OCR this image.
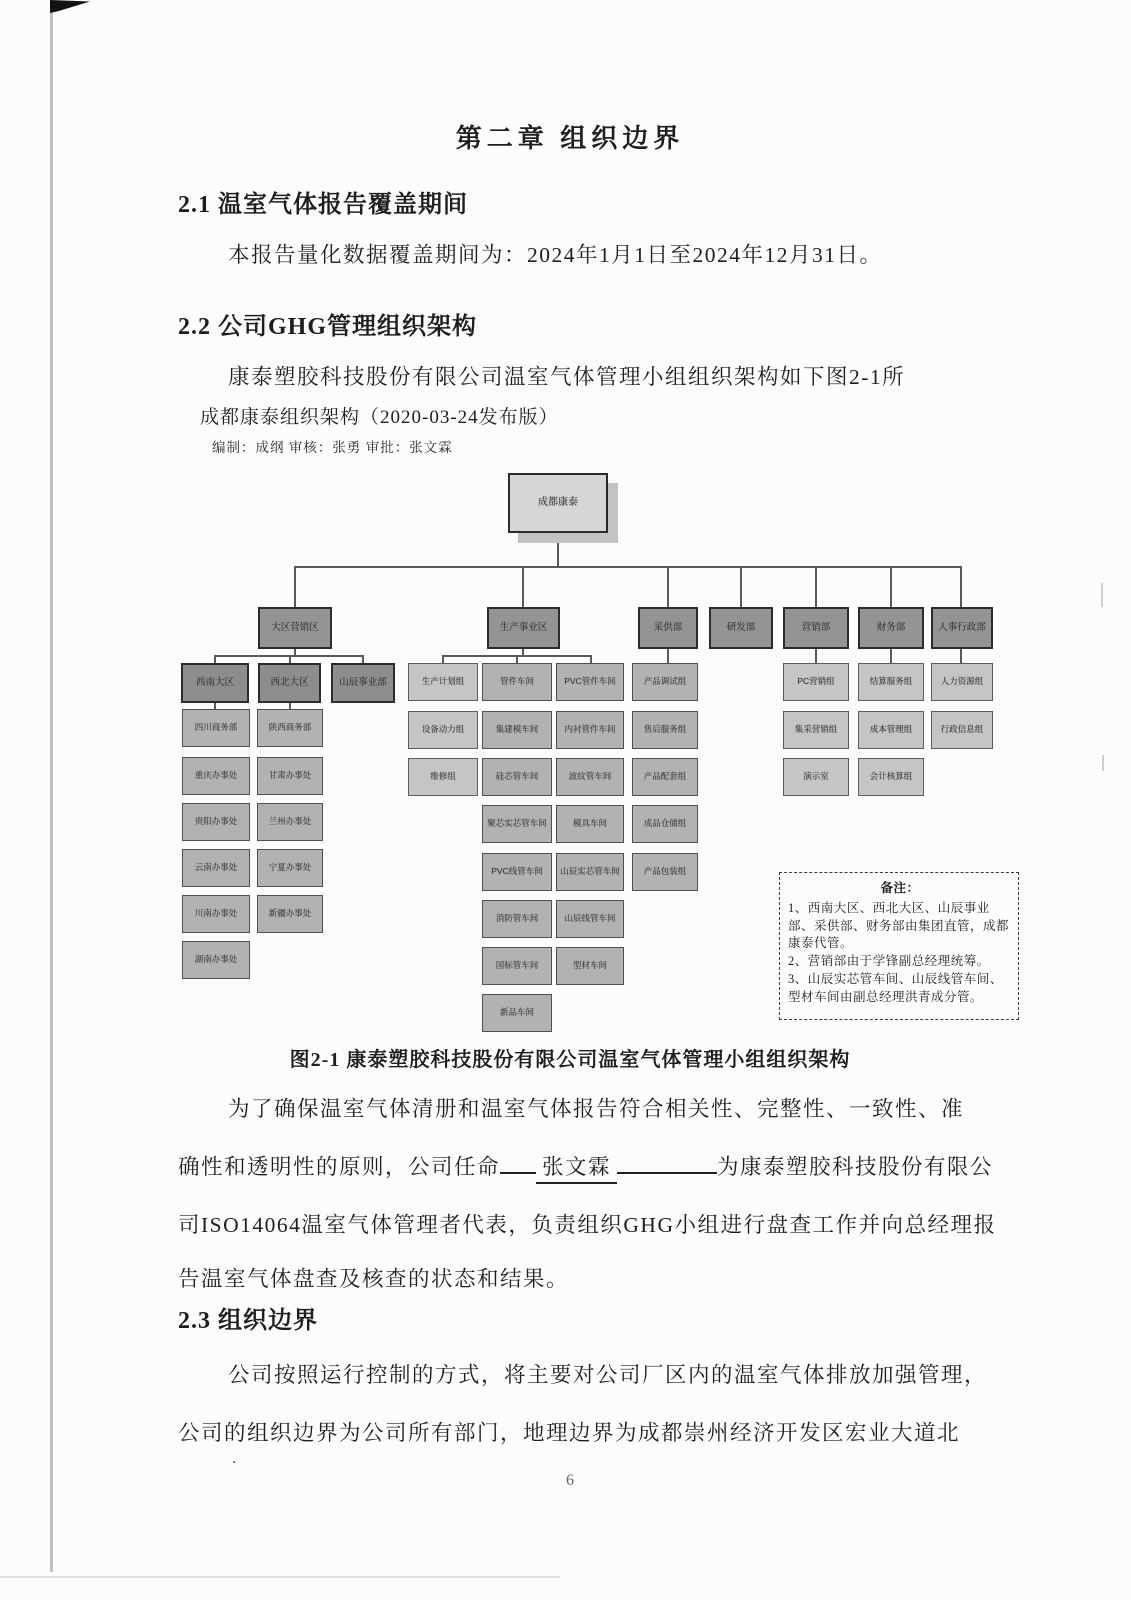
第二章 组织边界
2.1 温室气体报告覆盖期间
本报告量化数据覆盖期间为：2024年1月1日至2024年12月31日。
2.2 公司GHG管理组织架构
康泰塑胶科技股份有限公司温室气体管理小组组织架构如下图2-1所
成都康泰组织架构（2020-03-24发布版）
编制：成纲 审核：张勇 审批：张文霖
备注：
1、西南大区、西北大区、山辰事业部、采供部、财务部由集团直管，成都康泰代管。
2、营销部由于学锋副总经理统筹。
3、山辰实芯管车间、山辰线管车间、型材车间由副总经理洪青成分管。
成都康泰
大区营销区	生产事业区	采供部	研发部	营销部	财务部	人事行政部
西南大区	西北大区	山辰事业部
四川商务部
重庆办事处
贵阳办事处
云南办事处
川南办事处
湖南办事处
陕西商务部
甘肃办事处
兰州办事处
宁夏办事处
新疆办事处
生产计划组
设备动力组
维修组
管件车间
集建模车间
硅芯管车间
聚芯实芯管车间
PVC线管车间
消防管车间
国标管车间
新品车间
PVC管件车间
内衬管件车间
波纹管车间
模具车间
山辰实芯管车间
山辰线管车间
型材车间
产品调试组
售后服务组
产品配套组
成品仓储组
产品包装组
PC营销组
集采营销组
演示室
结算服务组
成本管理组
会计核算组
人力资源组
行政信息组
图2-1 康泰塑胶科技股份有限公司温室气体管理小组组织架构
为了确保温室气体清册和温室气体报告符合相关性、完整性、一致性、准
确性和透明性的原则，公司任命 张文霖	为康泰塑胶科技股份有限公
司ISO14064温室气体管理者代表，负责组织GHG小组进行盘查工作并向总经理报
告温室气体盘查及核查的状态和结果。
2.3 组织边界
公司按照运行控制的方式，将主要对公司厂区内的温室气体排放加强管理，
公司的组织边界为公司所有部门，地理边界为成都崇州经济开发区宏业大道北
．
6
